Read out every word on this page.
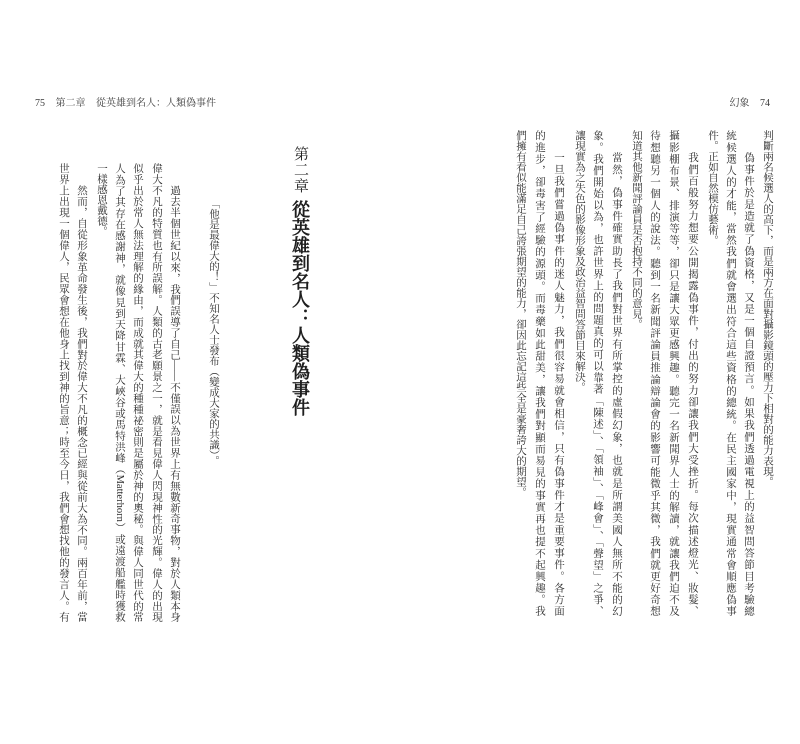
75 第二章 從英雄到名人：人類偽事件
第二章
從英雄到名人：人類偽事件
「他是最偉大的！」不知名人士發布（變成大家的共識）。
過去半個世紀以來，我們誤導了自己——不僅誤以為世界上有無數新奇事物，對於人類本身
偉大不凡的特質也有所誤解。人類的古老願景之一，就是看見偉人閃現神性的光輝。偉人的出現
似乎出於常人無法理解的緣由，而成就其偉大的種種祕密則是屬於神的奧秘。與偉人同世代的常
人為了其存在感謝神，就像見到天降甘霖、大峽谷或馬特洪峰（Matterhorn）或遠渡船艦時獲救
一樣感恩戴德。
然而，自從形象革命發生後，我們對於偉大不凡的概念已經與從前大為不同。兩百年前，當
世界上出現一個偉人，民眾會想在他身上找到神的旨意；時至今日，我們會想找他的發言人。有
幻象 74
判斷兩名候選人的高下，而是兩方在面對攝影鏡頭的壓力下相對的能力表現。
偽事件於是造就了偽資格，又是一個自證預言。如果我們透過電視上的益智問答節目考驗總
統候選人的才能，當然我們就會選出符合這些資格的總統。在民主國家中，現實通常會順應偽事
件。正如自然模仿藝術。
我們百般努力想要公開揭露偽事件，付出的努力卻讓我們大受挫折。每次描述燈光、妝髮、
攝影棚布景、排演等等，卻只是讓大眾更感興趣。聽完一名新聞界人士的解讀，就讓我們迫不及
待想聽另一個人的說法。聽到一名新聞評論員推論辯論會的影響可能微乎其微，我們就更好奇想
知道其他新聞評論員是否抱持不同的意見。
當然，偽事件確實助長了我們對世界有所掌控的虛假幻象，也就是所謂美國人無所不能的幻
象。我們開始以為，也許世界上的問題真的可以靠著「陳述」、「領袖」、「峰會」、「聲望」之爭、
讓現實為之失色的影像形象及政治益智問答節目來解決。
一旦我們嘗過偽事件的迷人魅力，我們很容易就會相信，只有偽事件才是重要事件。各方面
的進步，卻毒害了經驗的源頭。而毒藥如此甜美，讓我們對顯而易見的事實再也提不起興趣。我
們擁有看似能滿足自己誇張期望的能力，卻因此忘記這些全是豪奢誇大的期望。
